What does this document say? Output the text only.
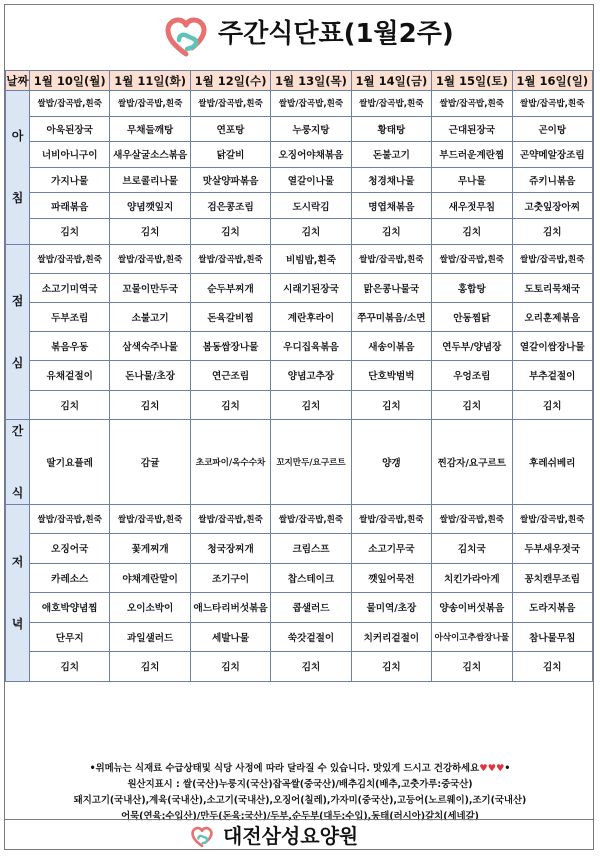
주간식단표(1월2주)
날짜	1월 10일(월)	1월 11일(화)	1월 12일(수)	1월 13일(목)	1월 14일(금)	1월 15일(토)	1월 16일(일)

아
침	쌀밥/잡곡밥,흰죽	쌀밥/잡곡밥,흰죽	쌀밥/잡곡밥,흰죽	쌀밥/잡곡밥,흰죽	쌀밥/잡곡밥,흰죽	쌀밥/잡곡밥,흰죽	쌀밥/잡곡밥,흰죽
	아욱된장국	무채들깨탕	연포탕	누룽지탕	황태탕	근대된장국	곤이탕
	너비아니구이	새우살굴소스볶음	닭갈비	오징어야채볶음	돈불고기	부드러운계란찜	곤약메알장조림
	가지나물	브로콜리나물	맛살양파볶음	열갈이나물	청경채나물	무나물	쥬키니볶음
	파래볶음	양념깻잎지	검은콩조림	도시락김	명엽채볶음	새우젓무침	고춧잎장아찌
	김치	김치	김치	김치	김치	김치	김치

점
심	쌀밥/잡곡밥,흰죽	쌀밥/잡곡밥,흰죽	쌀밥/잡곡밥,흰죽	비빔밥,흰죽	쌀밥/잡곡밥,흰죽	쌀밥/잡곡밥,흰죽	쌀밥/잡곡밥,흰죽
	소고기미역국	꼬물이만두국	순두부찌개	시래기된장국	맑은콩나물국	홍합탕	도토리묵채국
	두부조림	소불고기	돈육갈비찜	계란후라이	쭈꾸미볶음/소면	안동찜닭	오리훈제볶음
	볶음우동	삼색숙주나물	봄동쌈장나물	우디집육볶음	새송이볶음	연두부/양념장	열갈이쌈장나물
	유채겉절이	돈나물/초장	연근조림	양념고추장	단호박범벅	우엉조림	부추겉절이
	김치	김치	김치	김치	김치	김치	김치

간
식	딸기요플레	감귤	초코파이/옥수수차	꼬지만두/요구르트	양갱	찐감자/요구르트	후레쉬베리

저
녁	쌀밥/잡곡밥,흰죽	쌀밥/잡곡밥,흰죽	쌀밥/잡곡밥,흰죽	쌀밥/잡곡밥,흰죽	쌀밥/잡곡밥,흰죽	쌀밥/잡곡밥,흰죽	쌀밥/잡곡밥,흰죽
	오징어국	꽃게찌개	청국장찌개	크림스프	소고기무국	김치국	두부새우젓국
	카레소스	야채계란말이	조기구이	찹스테이크	깻잎어묵전	치킨가라아게	꽁치캔무조림
	애호박양념찜	오이소박이	애느타리버섯볶음	콥샐러드	물미역/초장	양송이버섯볶음	도라지볶음
	단무지	과일샐러드	세발나물	쑥갓겉절이	치커리겉절이	아삭이고추쌈장나물	참나물무침
	김치	김치	김치	김치	김치	김치	김치
•위메뉴는 식재료 수급상태및 식당 사정에 따라 달라질 수 있습니다. 맛있게 드시고 건강하세요♥♥♥•
원산지표시 : 쌀(국산)누룽지(국산)잡곡쌀(중국산)/배추김치(배추,고춧가루:중국산)
돼지고기(국내산),계육(국내산),소고기(국내산),오징어(칠레),가자미(중국산),고등어(노르웨이),조기(국내산)
어묵(연육:수입산)/만두(돈육:국산)/두부,순두부(대두:수입),동태(러시아)갈치(세네갈)
대전삼성요양원
